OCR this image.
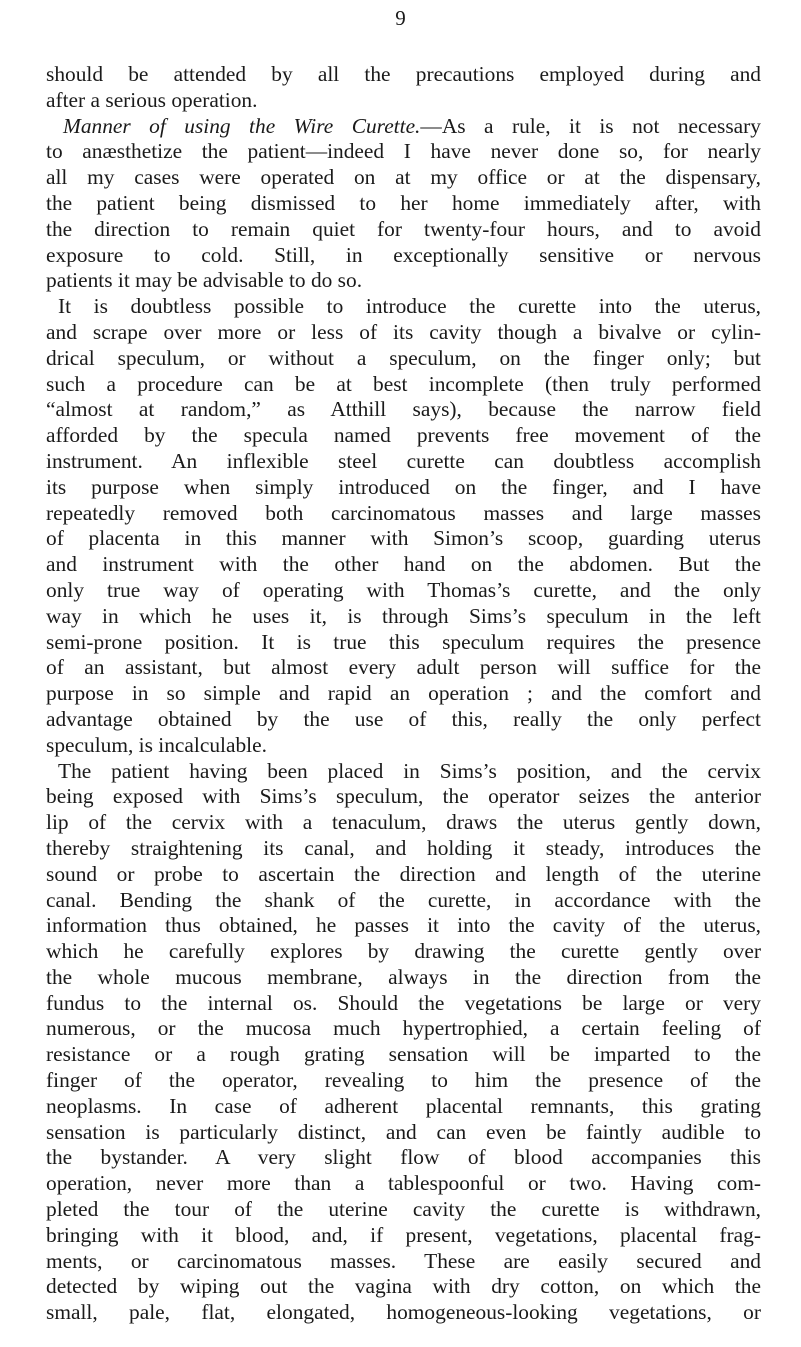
9
should be attended by all the precautions employed during and
after a serious operation.
Manner of using the Wire Curette.—As a rule, it is not necessary
to anæsthetize the patient—indeed I have never done so, for nearly
all my cases were operated on at my office or at the dispensary,
the patient being dismissed to her home immediately after, with
the direction to remain quiet for twenty-four hours, and to avoid
exposure to cold. Still, in exceptionally sensitive or nervous
patients it may be advisable to do so.
It is doubtless possible to introduce the curette into the uterus,
and scrape over more or less of its cavity though a bivalve or cylin-
drical speculum, or without a speculum, on the finger only; but
such a procedure can be at best incomplete (then truly performed
“almost at random,” as Atthill says), because the narrow field
afforded by the specula named prevents free movement of the
instrument. An inflexible steel curette can doubtless accomplish
its purpose when simply introduced on the finger, and I have
repeatedly removed both carcinomatous masses and large masses
of placenta in this manner with Simon’s scoop, guarding uterus
and instrument with the other hand on the abdomen. But the
only true way of operating with Thomas’s curette, and the only
way in which he uses it, is through Sims’s speculum in the left
semi-prone position. It is true this speculum requires the presence
of an assistant, but almost every adult person will suffice for the
purpose in so simple and rapid an operation ; and the comfort and
advantage obtained by the use of this, really the only perfect
speculum, is incalculable.
The patient having been placed in Sims’s position, and the cervix
being exposed with Sims’s speculum, the operator seizes the anterior
lip of the cervix with a tenaculum, draws the uterus gently down,
thereby straightening its canal, and holding it steady, introduces the
sound or probe to ascertain the direction and length of the uterine
canal. Bending the shank of the curette, in accordance with the
information thus obtained, he passes it into the cavity of the uterus,
which he carefully explores by drawing the curette gently over
the whole mucous membrane, always in the direction from the
fundus to the internal os. Should the vegetations be large or very
numerous, or the mucosa much hypertrophied, a certain feeling of
resistance or a rough grating sensation will be imparted to the
finger of the operator, revealing to him the presence of the
neoplasms. In case of adherent placental remnants, this grating
sensation is particularly distinct, and can even be faintly audible to
the bystander. A very slight flow of blood accompanies this
operation, never more than a tablespoonful or two. Having com-
pleted the tour of the uterine cavity the curette is withdrawn,
bringing with it blood, and, if present, vegetations, placental frag-
ments, or carcinomatous masses. These are easily secured and
detected by wiping out the vagina with dry cotton, on which the
small, pale, flat, elongated, homogeneous-looking vegetations, or
